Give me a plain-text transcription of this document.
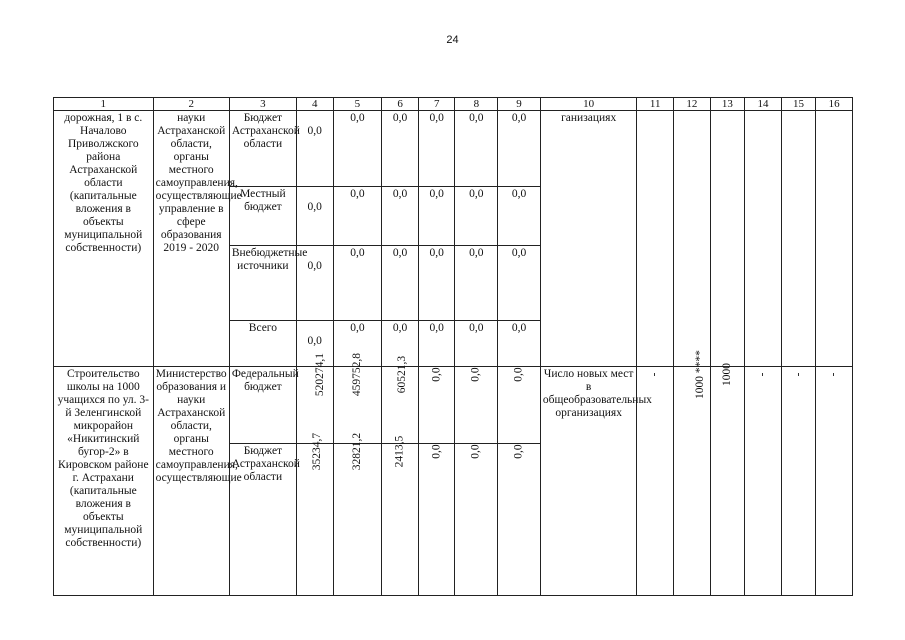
24
1	2	3	4	5	6	7	8	9	10	11	12	13	14	15	16
дорожная, 1 в с. Началово Приволжского района Астраханской области (капитальные вложения в объекты муниципальной собственности)	науки Астраханской области, органы местного самоуправления, осуществляющие управление в сфере образования 2019 - 2020	Бюджет Астраханской области	0,0	0,0	0,0	0,0	0,0	0,0	ганизациях						
		Местный бюджет	0,0	0,0	0,0	0,0	0,0	0,0							
		Внебюджетные источники	0,0	0,0	0,0	0,0	0,0	0,0							
		Всего	0,0	0,0	0,0	0,0	0,0	0,0							
Строительство школы на 1000 учащихся по ул. 3-й Зеленгинской микрорайон «Никитинский бугор-2» в Кировском районе г. Астрахани (капитальные вложения в объекты муниципальной собственности)	Министерство образования и науки Астраханской области, органы местного самоуправления, осуществляющие	Федеральный бюджет	520274,1	459752,8	60521,3	0,0	0,0	0,0	Число новых мест в общеобразовательных организациях	-	1000 ****	1000	-	-	-
		Бюджет Астраханской области	35234,7	32821,2	2413,5	0,0	0,0	0,0							
